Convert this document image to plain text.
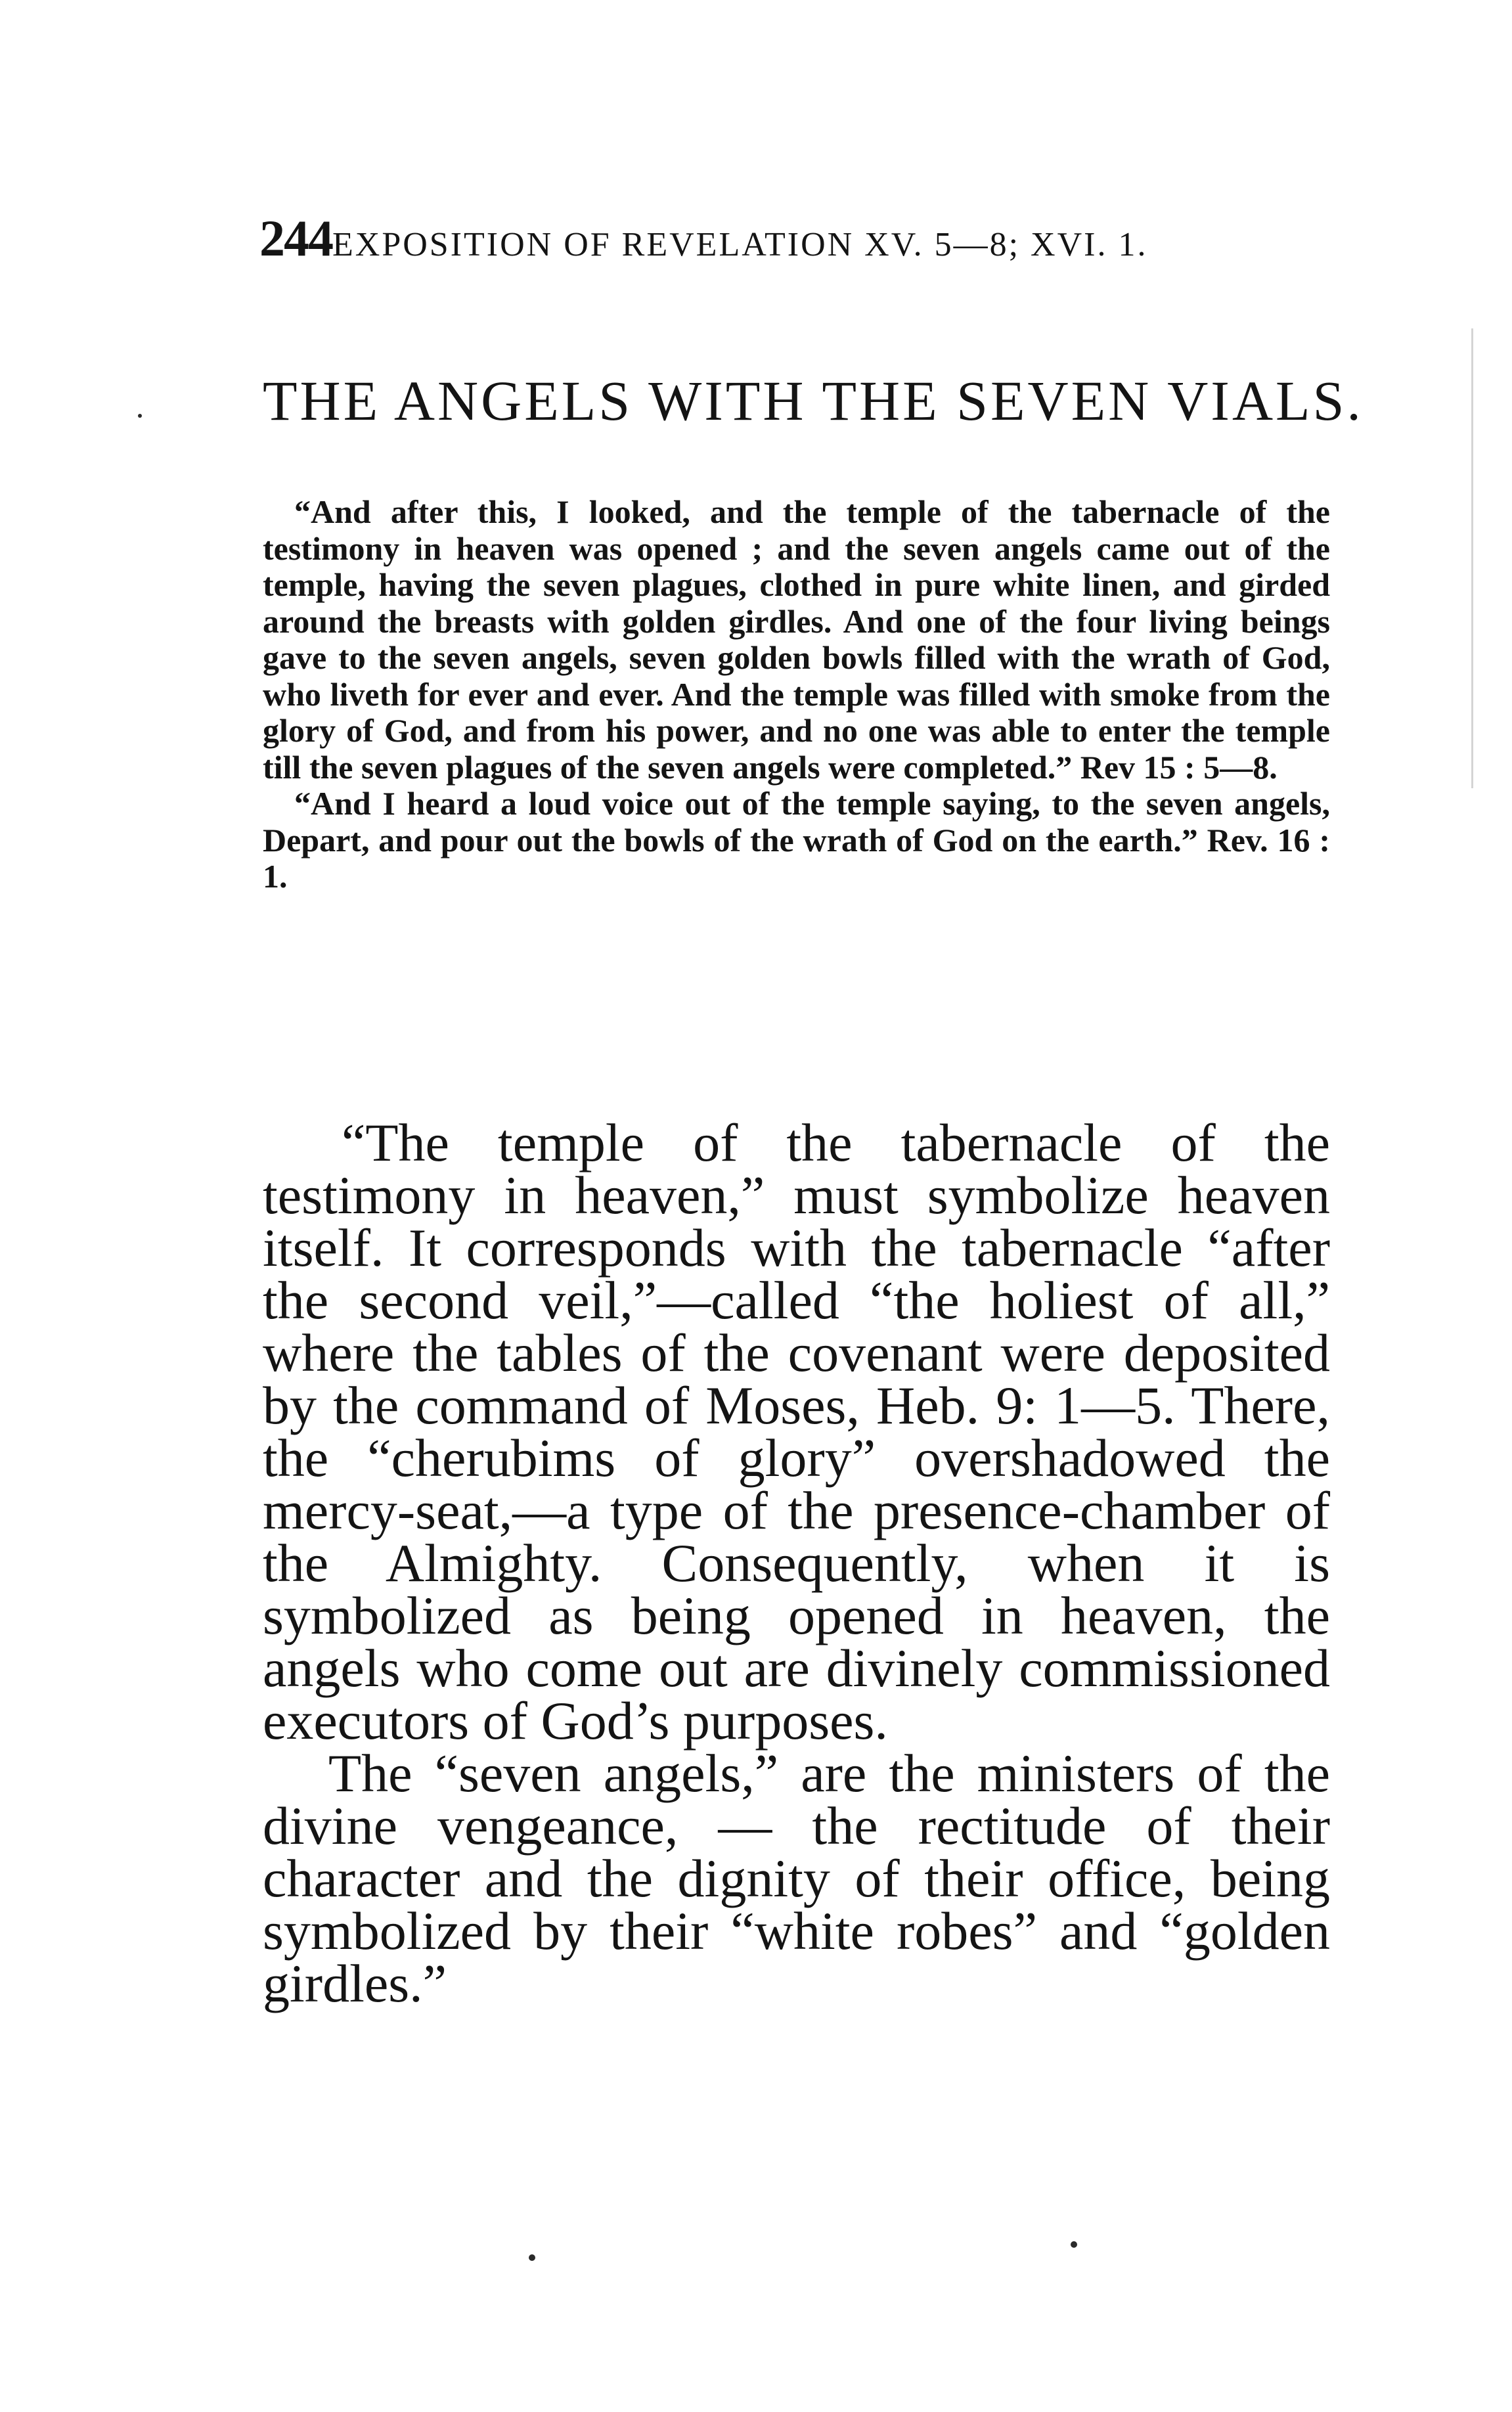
244EXPOSITION OF REVELATION XV. 5—8; XVI. 1.
THE ANGELS WITH THE SEVEN VIALS.

“And after this, I looked, and the temple of the tabernacle of the testimony in heaven was opened ; and the seven angels came out of the temple, having the seven plagues, clothed in pure white linen, and girded around the breasts with golden girdles. And one of the four living beings gave to the seven angels, seven golden bowls filled with the wrath of God, who liveth for ever and ever. And the temple was filled with smoke from the glory of God, and from his power, and no one was able to enter the temple till the seven plagues of the seven angels were completed.” Rev 15 : 5—8.

“And I heard a loud voice out of the temple saying, to the seven angels, Depart, and pour out the bowls of the wrath of God on the earth.” Rev. 16 : 1.

“The temple of the tabernacle of the testimony in heaven,” must symbolize heaven itself. It corresponds with the tabernacle “after the second veil,”—called “the holiest of all,” where the tables of the covenant were deposited by the command of Moses, Heb. 9: 1—5. There, the “cherubims of glory” overshadowed the mercy-seat,—a type of the presence-chamber of the Almighty. Consequently, when it is symbolized as being opened in heaven, the angels who come out are divinely commissioned executors of God’s purposes.

The “seven angels,” are the ministers of the divine vengeance, — the rectitude of their character and the dignity of their office, being symbolized by their “white robes” and “golden girdles.”
